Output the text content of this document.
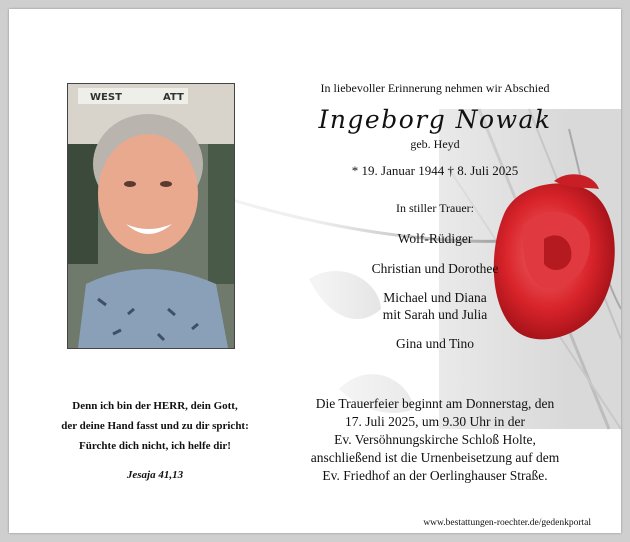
WEST	ATT
In liebevoller Erinnerung nehmen wir Abschied
Ingeborg Nowak
geb. Heyd
* 19. Januar 1944 † 8. Juli 2025
In stiller Trauer:
Wolf-Rüdiger
Christian und Dorothee
Michael und Diana
mit Sarah und Julia
Gina und Tino
Die Trauerfeier beginnt am Donnerstag, den
17. Juli 2025, um 9.30 Uhr in der
Ev. Versöhnungskirche Schloß Holte,
anschließend ist die Urnenbeisetzung auf dem
Ev. Friedhof an der Oerlinghauser Straße.
Denn ich bin der HERR, dein Gott,
der deine Hand fasst und zu dir spricht:
Fürchte dich nicht, ich helfe dir!
Jesaja 41,13
www.bestattungen-roechter.de/gedenkportal
